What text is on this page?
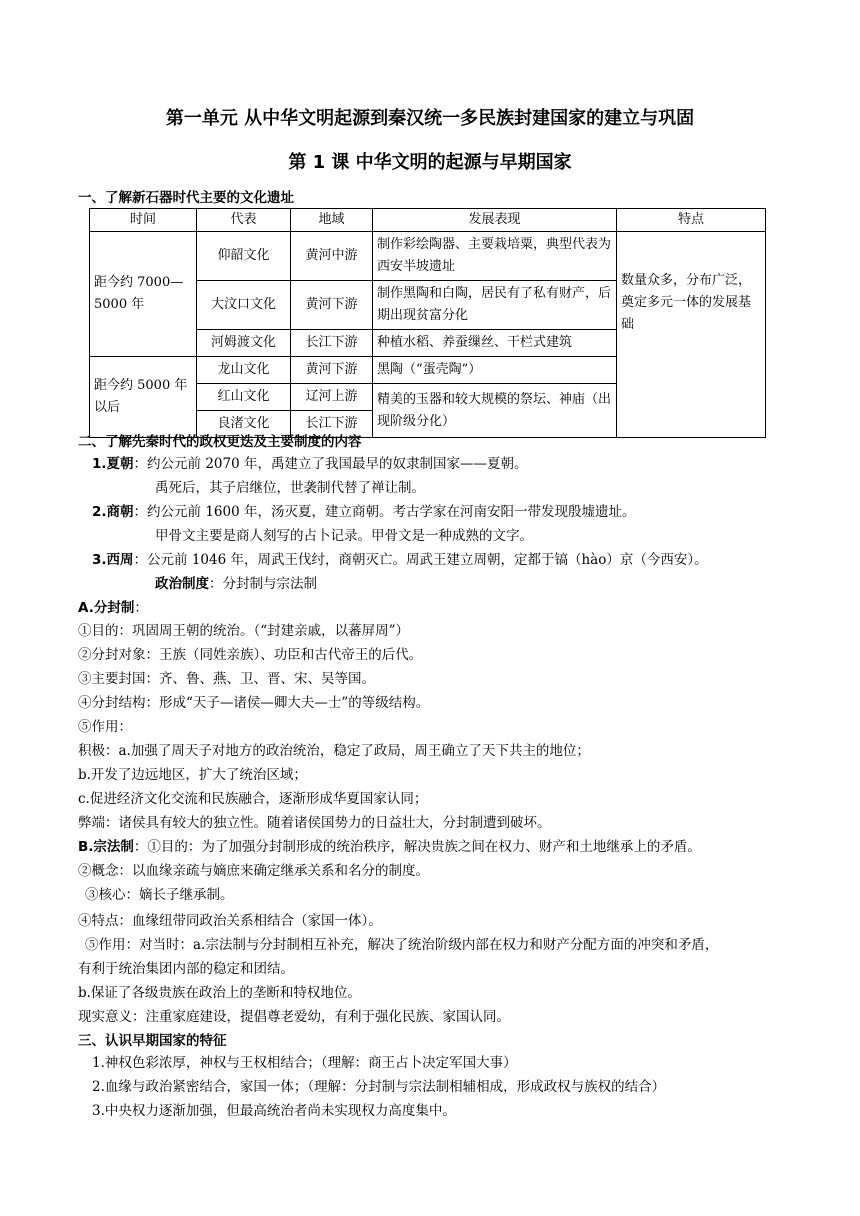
第一单元 从中华文明起源到秦汉统一多民族封建国家的建立与巩固
第 1 课 中华文明的起源与早期国家
一、了解新石器时代主要的文化遗址
时间	代表	地域	发展表现	特点
距今约 7000—5000 年	仰韶文化	黄河中游	制作彩绘陶器、主要栽培粟，典型代表为西安半坡遗址	数量众多，分布广泛，奠定多元一体的发展基础
	大汶口文化	黄河下游	制作黑陶和白陶，居民有了私有财产，后期出现贫富分化	
	河姆渡文化	长江下游	种植水稻、养蚕缫丝、干栏式建筑	
距今约 5000 年以后	龙山文化	黄河下游	黑陶（“蛋壳陶”）	
	红山文化	辽河上游	精美的玉器和较大规模的祭坛、神庙（出现阶级分化）	
	良渚文化	长江下游		
二、了解先秦时代的政权更迭及主要制度的内容
1.夏朝：约公元前 2070 年，禹建立了我国最早的奴隶制国家——夏朝。
禹死后，其子启继位，世袭制代替了禅让制。
2.商朝：约公元前 1600 年，汤灭夏，建立商朝。考古学家在河南安阳一带发现殷墟遗址。
甲骨文主要是商人刻写的占卜记录。甲骨文是一种成熟的文字。
3.西周：公元前 1046 年，周武王伐纣，商朝灭亡。周武王建立周朝，定都于镐（hào）京（今西安）。
政治制度：分封制与宗法制
A.分封制：
①目的：巩固周王朝的统治。（“封建亲戚，以蕃屏周”）
②分封对象：王族（同姓亲族）、功臣和古代帝王的后代。
③主要封国：齐、鲁、燕、卫、晋、宋、吴等国。
④分封结构：形成“天子—诸侯—卿大夫—士”的等级结构。
⑤作用：
积极：a.加强了周天子对地方的政治统治，稳定了政局，周王确立了天下共主的地位；
b.开发了边远地区，扩大了统治区域；
c.促进经济文化交流和民族融合，逐渐形成华夏国家认同；
弊端：诸侯具有较大的独立性。随着诸侯国势力的日益壮大，分封制遭到破坏。
B.宗法制：①目的：为了加强分封制形成的统治秩序，解决贵族之间在权力、财产和土地继承上的矛盾。
②概念：以血缘亲疏与嫡庶来确定继承关系和名分的制度。
③核心：嫡长子继承制。
④特点：血缘纽带同政治关系相结合（家国一体）。
⑤作用：对当时：a.宗法制与分封制相互补充，解决了统治阶级内部在权力和财产分配方面的冲突和矛盾，
有利于统治集团内部的稳定和团结。
b.保证了各级贵族在政治上的垄断和特权地位。
现实意义：注重家庭建设，提倡尊老爱幼，有利于强化民族、家国认同。
三、认识早期国家的特征
1.神权色彩浓厚，神权与王权相结合；（理解：商王占卜决定军国大事）
2.血缘与政治紧密结合，家国一体；（理解：分封制与宗法制相辅相成，形成政权与族权的结合）
3.中央权力逐渐加强，但最高统治者尚未实现权力高度集中。
